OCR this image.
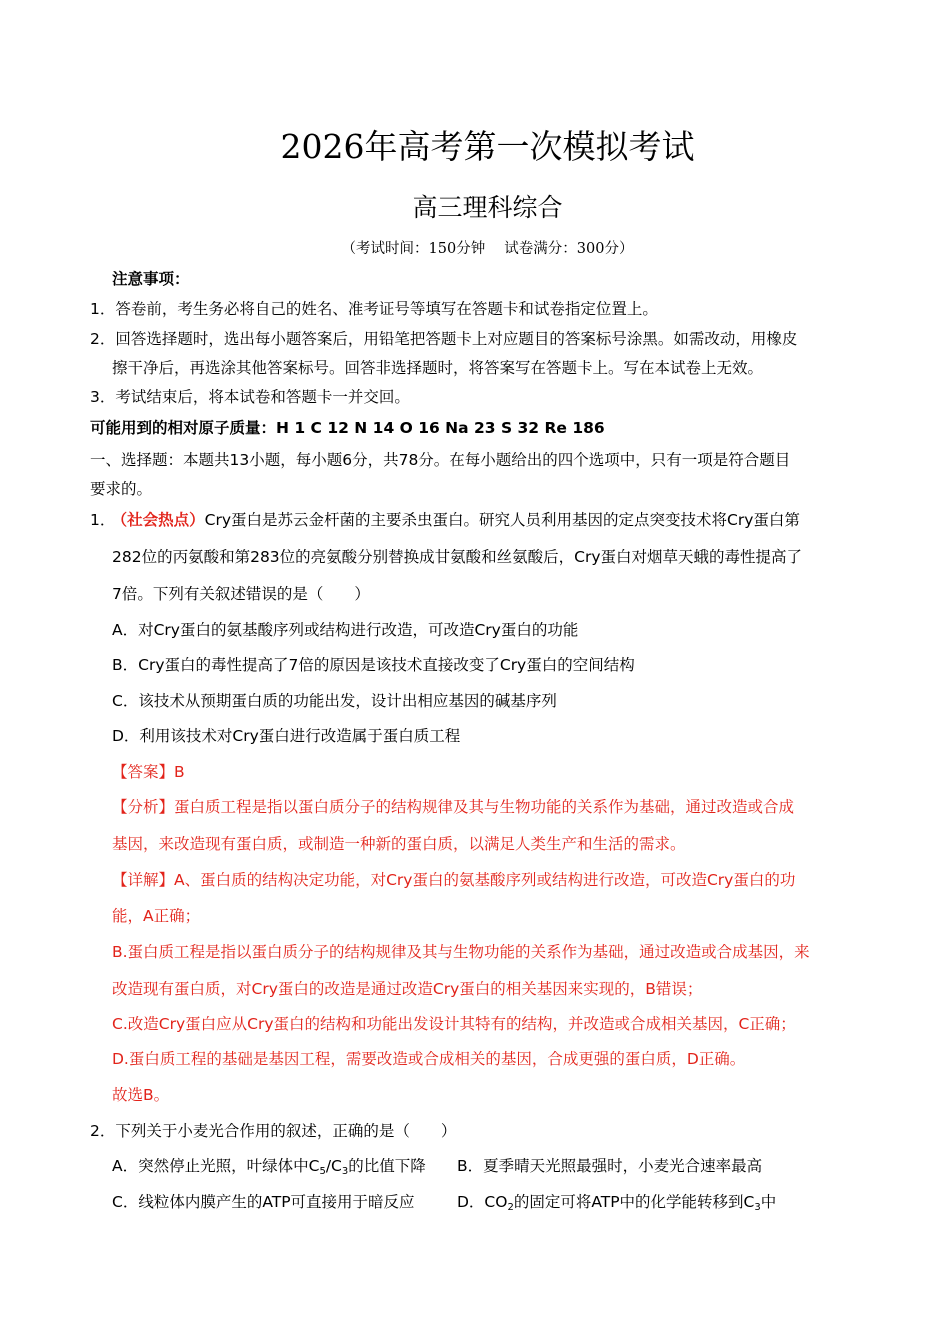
2026年高考第一次模拟考试
高三理科综合
（考试时间：150分钟　 试卷满分：300分）
注意事项：
1．答卷前，考生务必将自己的姓名、准考证号等填写在答题卡和试卷指定位置上。
2．回答选择题时，选出每小题答案后，用铅笔把答题卡上对应题目的答案标号涂黑。如需改动，用橡皮
擦干净后，再选涂其他答案标号。回答非选择题时，将答案写在答题卡上。写在本试卷上无效。
3．考试结束后，将本试卷和答题卡一并交回。
可能用到的相对原子质量：H 1 C 12 N 14 O 16 Na 23 S 32 Re 186
一、选择题：本题共13小题，每小题6分，共78分。在每小题给出的四个选项中，只有一项是符合题目
要求的。
1． （社会热点）Cry蛋白是苏云金杆菌的主要杀虫蛋白。研究人员利用基因的定点突变技术将Cry蛋白第
282位的丙氨酸和第283位的亮氨酸分别替换成甘氨酸和丝氨酸后，Cry蛋白对烟草天蛾的毒性提高了
7倍。下列有关叙述错误的是（　　）
A．对Cry蛋白的氨基酸序列或结构进行改造，可改造Cry蛋白的功能
B．Cry蛋白的毒性提高了7倍的原因是该技术直接改变了Cry蛋白的空间结构
C．该技术从预期蛋白质的功能出发，设计出相应基因的碱基序列
D．利用该技术对Cry蛋白进行改造属于蛋白质工程
【答案】B
【分析】蛋白质工程是指以蛋白质分子的结构规律及其与生物功能的关系作为基础，通过改造或合成
基因，来改造现有蛋白质，或制造一种新的蛋白质，以满足人类生产和生活的需求。
【详解】A、蛋白质的结构决定功能，对Cry蛋白的氨基酸序列或结构进行改造，可改造Cry蛋白的功
能，A正确；
B.蛋白质工程是指以蛋白质分子的结构规律及其与生物功能的关系作为基础，通过改造或合成基因，来
改造现有蛋白质，对Cry蛋白的改造是通过改造Cry蛋白的相关基因来实现的，B错误；
C.改造Cry蛋白应从Cry蛋白的结构和功能出发设计其特有的结构，并改造或合成相关基因，C正确；
D.蛋白质工程的基础是基因工程，需要改造或合成相关的基因，合成更强的蛋白质，D正确。
故选B。
2．下列关于小麦光合作用的叙述，正确的是（　　）
A．突然停止光照，叶绿体中$C_5/C_3$的比值下降 B．夏季晴天光照最强时，小麦光合速率最高
C．线粒体内膜产生的ATP可直接用于暗反应	D．$CO_2$的固定可将ATP中的化学能转移到$C_3$中
